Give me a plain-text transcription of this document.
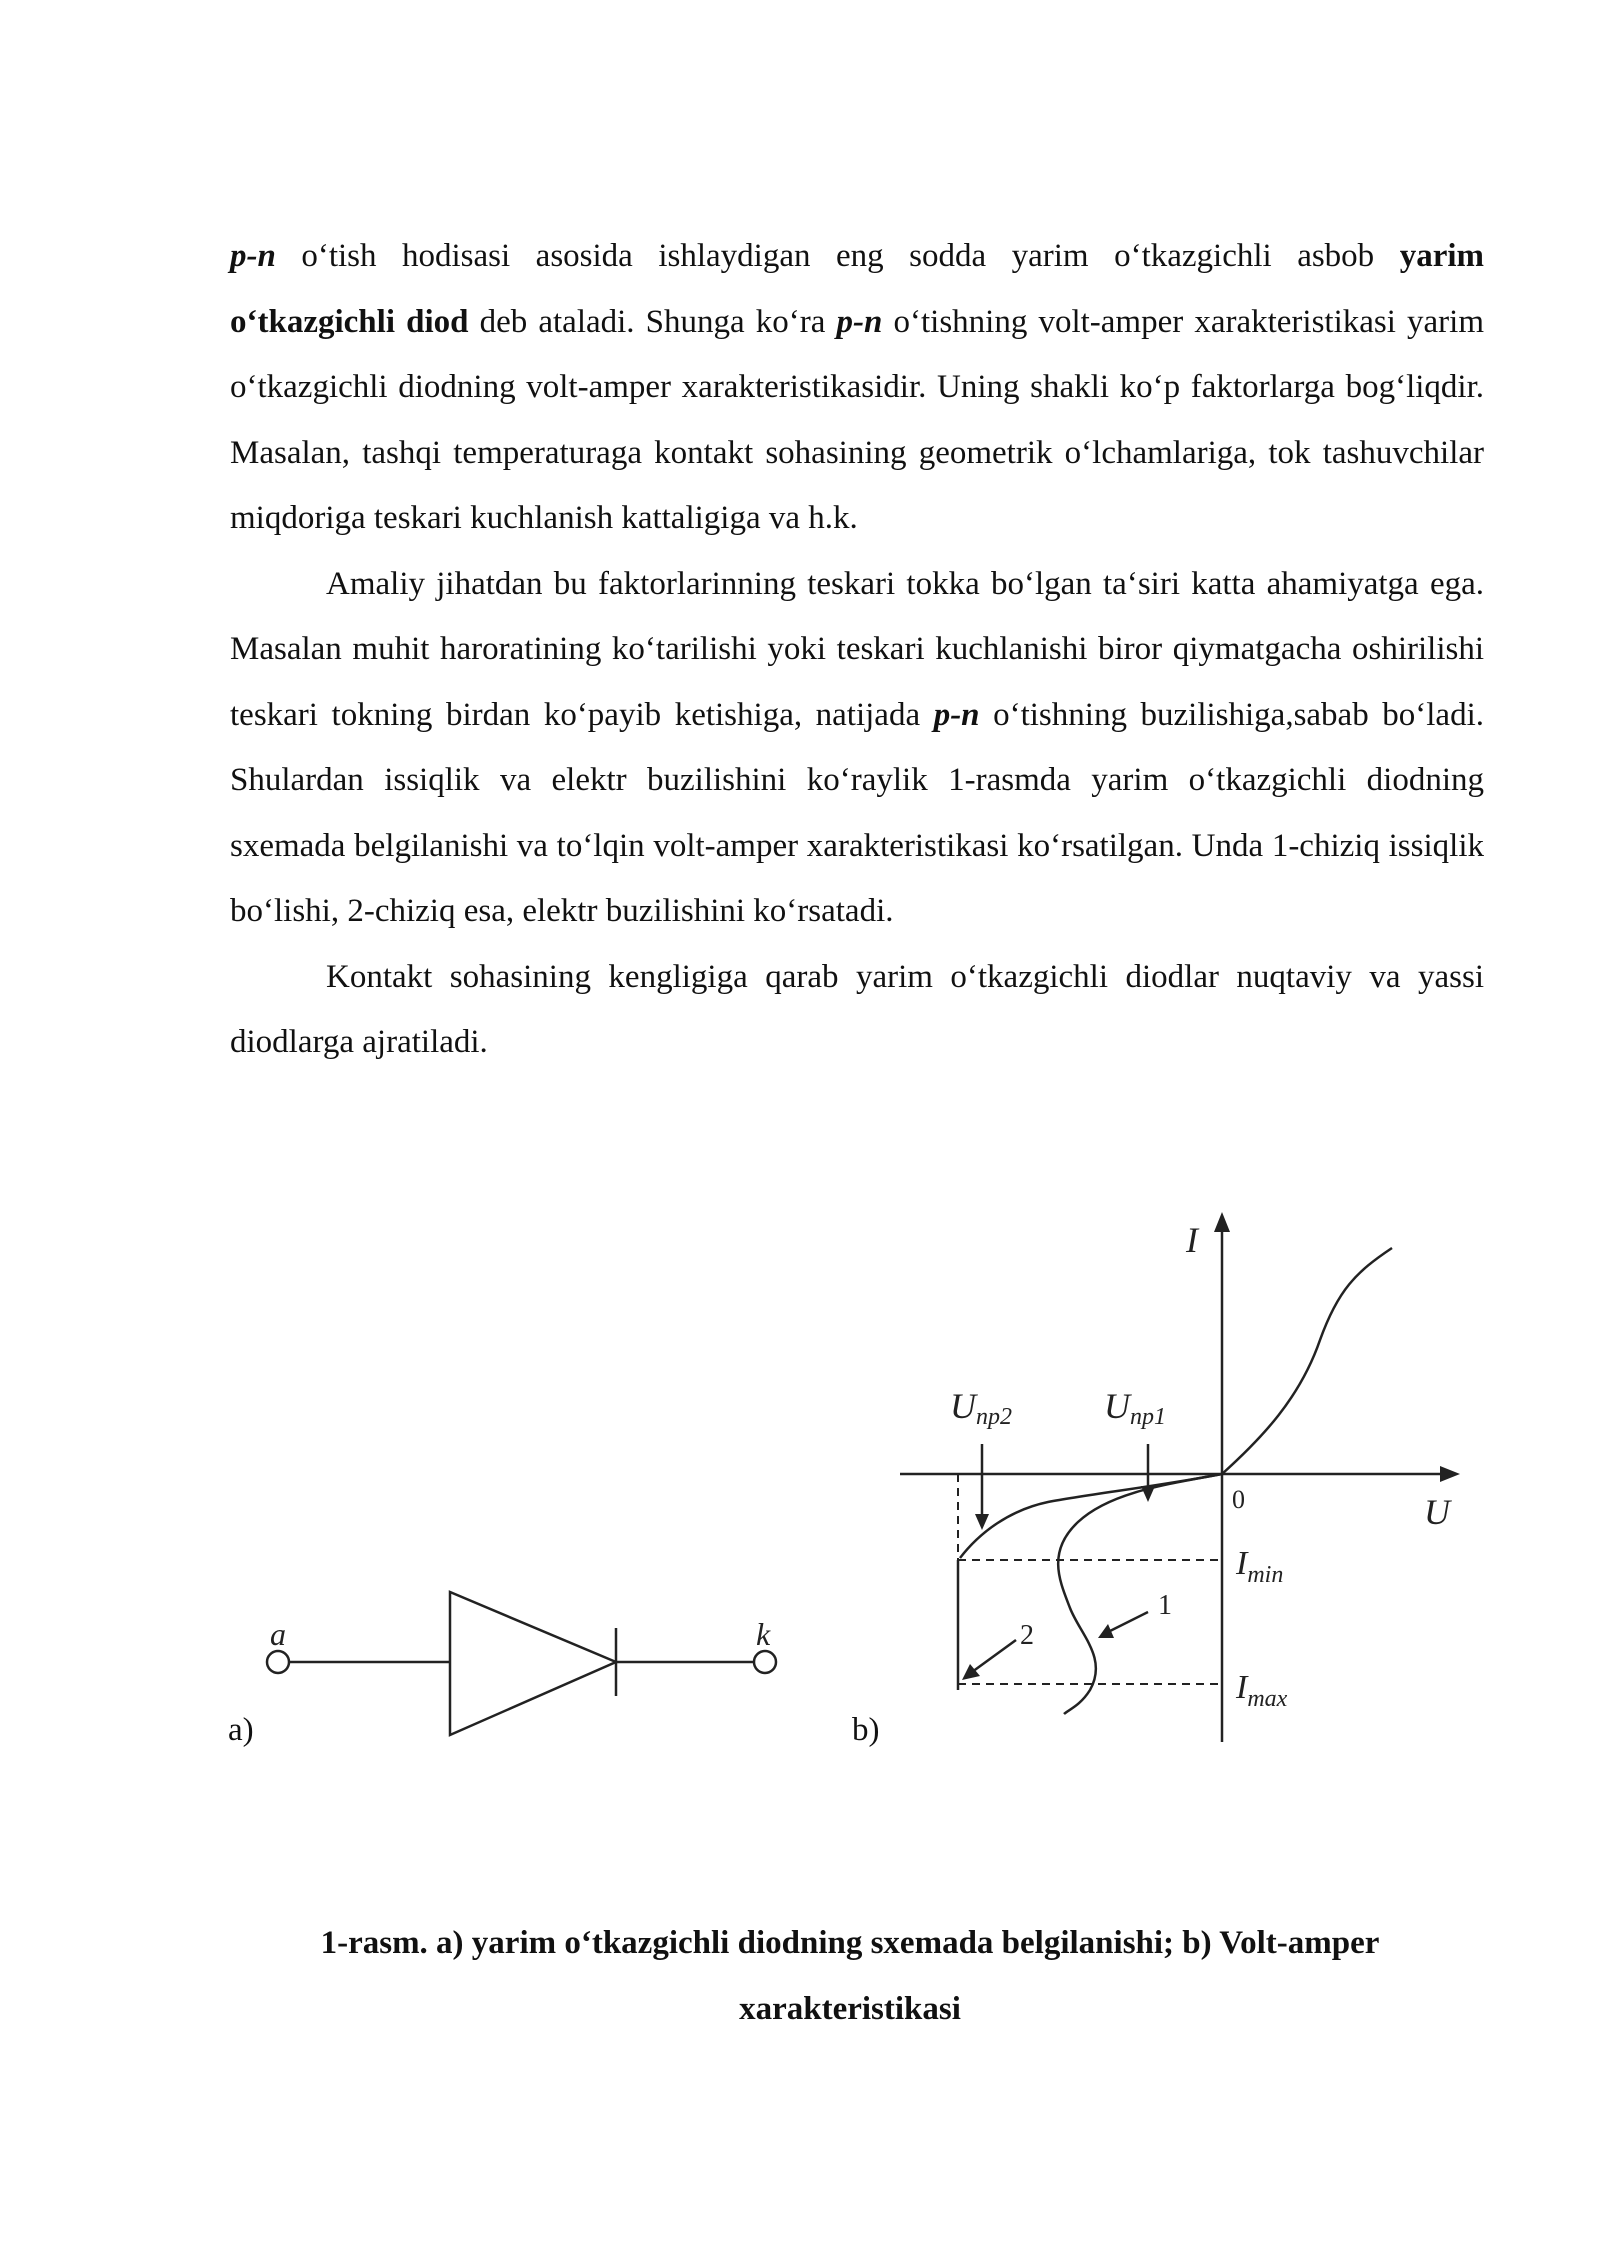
p-n o‘tish hodisasi asosida ishlaydigan eng sodda yarim o‘tkazgichli asbob yarim o‘tkazgichli diod deb ataladi. Shunga ko‘ra p-n o‘tishning volt-amper xarakteristikasi yarim o‘tkazgichli diodning volt-amper xarakteristikasidir. Uning shakli ko‘p faktorlarga bog‘liqdir. Masalan, tashqi temperaturaga kontakt sohasining geometrik o‘lchamlariga, tok tashuvchilar miqdoriga teskari kuchlanish kattaligiga va h.k.

Amaliy jihatdan bu faktorlarinning teskari tokka bo‘lgan ta‘siri katta ahamiyatga ega. Masalan muhit haroratining ko‘tarilishi yoki teskari kuchlanishi biror qiymatgacha oshirilishi teskari tokning birdan ko‘payib ketishiga, natijada p-n o‘tishning buzilishiga,sabab bo‘ladi. Shulardan issiqlik va elektr buzilishini ko‘raylik 1-rasmda yarim o‘tkazgichli diodning sxemada belgilanishi va to‘lqin volt-amper xarakteristikasi ko‘rsatilgan. Unda 1-chiziq issiqlik bo‘lishi, 2-chiziq esa, elektr buzilishini ko‘rsatadi.

Kontakt sohasining kengligiga qarab yarim o‘tkazgichli diodlar nuqtaviy va yassi diodlarga ajratiladi.

a	k
I
U
0
Unp2	Unp1
$I_{min}$
$I_{max}$
2
1
a)	b)
1-rasm. a) yarim o‘tkazgichli diodning sxemada belgilanishi; b) Volt-amper
xarakteristikasi
